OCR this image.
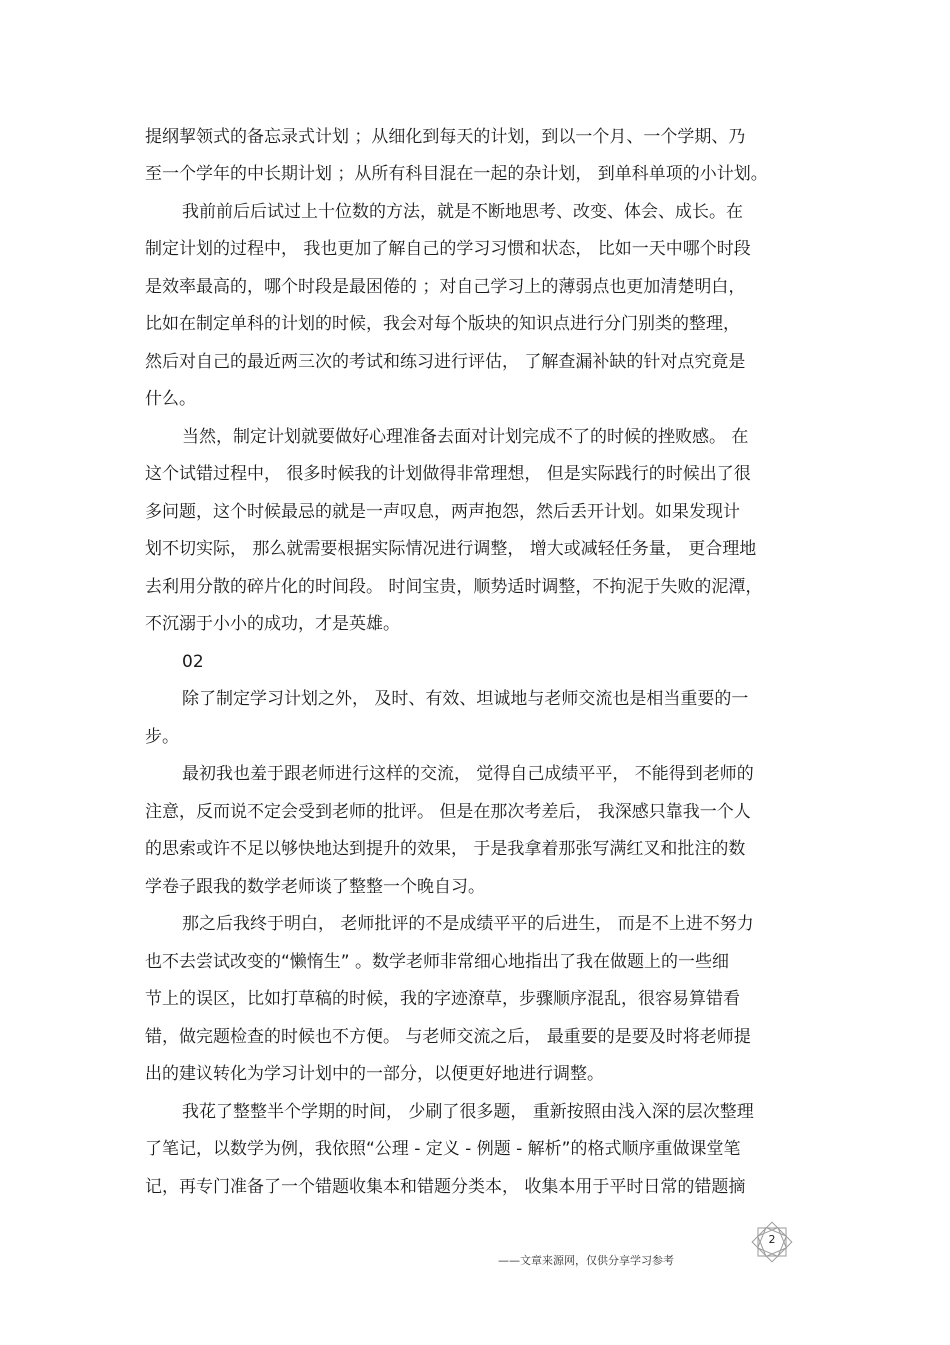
提纲挈领式的备忘录式计划 ；从细化到每天的计划，到以一个月、一个学期、乃
至一个学年的中长期计划 ；从所有科目混在一起的杂计划， 到单科单项的小计划。
我前前后后试过上十位数的方法，就是不断地思考、改变、体会、成长。在
制定计划的过程中， 我也更加了解自己的学习习惯和状态， 比如一天中哪个时段
是效率最高的，哪个时段是最困倦的 ；对自己学习上的薄弱点也更加清楚明白，
比如在制定单科的计划的时候，我会对每个版块的知识点进行分门别类的整理，
然后对自己的最近两三次的考试和练习进行评估， 了解查漏补缺的针对点究竟是
什么。
当然，制定计划就要做好心理准备去面对计划完成不了的时候的挫败感。 在
这个试错过程中， 很多时候我的计划做得非常理想， 但是实际践行的时候出了很
多问题，这个时候最忌的就是一声叹息，两声抱怨，然后丢开计划。如果发现计
划不切实际， 那么就需要根据实际情况进行调整， 增大或减轻任务量， 更合理地
去利用分散的碎片化的时间段。 时间宝贵，顺势适时调整，不拘泥于失败的泥潭，
不沉溺于小小的成功，才是英雄。
02
除了制定学习计划之外， 及时、有效、坦诚地与老师交流也是相当重要的一
步。
最初我也羞于跟老师进行这样的交流， 觉得自己成绩平平， 不能得到老师的
注意，反而说不定会受到老师的批评。 但是在那次考差后， 我深感只靠我一个人
的思索或许不足以够快地达到提升的效果， 于是我拿着那张写满红叉和批注的数
学卷子跟我的数学老师谈了整整一个晚自习。
那之后我终于明白， 老师批评的不是成绩平平的后进生， 而是不上进不努力
也不去尝试改变的“懒惰生” 。数学老师非常细心地指出了我在做题上的一些细
节上的误区，比如打草稿的时候，我的字迹潦草，步骤顺序混乱，很容易算错看
错，做完题检查的时候也不方便。 与老师交流之后， 最重要的是要及时将老师提
出的建议转化为学习计划中的一部分，以便更好地进行调整。
我花了整整半个学期的时间， 少刷了很多题， 重新按照由浅入深的层次整理
了笔记，以数学为例，我依照“公理 - 定义 - 例题 - 解析”的格式顺序重做课堂笔
记，再专门准备了一个错题收集本和错题分类本， 收集本用于平时日常的错题摘
2
——文章来源网，仅供分享学习参考
